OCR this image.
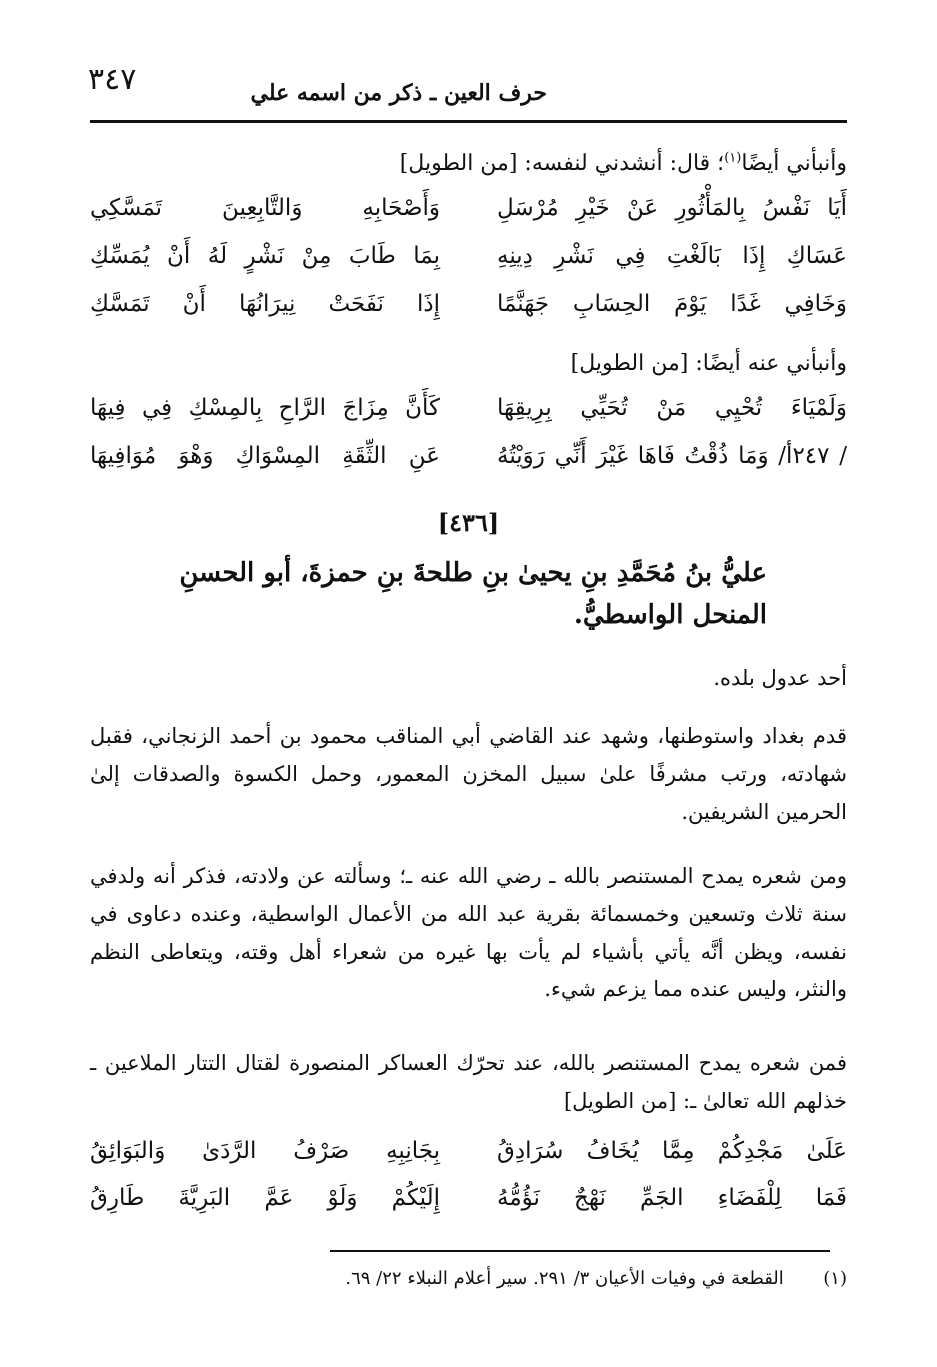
٣٤٧	حرف العين ـ ذكر من اسمه علي
وأنبأني أيضًا$^{(١)}$؛ قال: أنشدني لنفسه: [من الطويل]
أَيَا نَفْسُ بِالمَأْثُورِ عَنْ خَيْرِ مُرْسَلِ
وَأَصْحَابِهِ وَالتَّابِعِينَ تَمَسَّكِي
عَسَاكِ إِذَا بَالَغْتِ فِي نَشْرِ دِينِهِ
بِمَا طَابَ مِنْ نَشْرٍ لَهُ أَنْ يُمَسِّكِ
وَخَافِي غَدًا يَوْمَ الحِسَابِ جَهَنَّمًا
إِذَا نَفَحَتْ نِيرَانُهَا أَنْ تَمَسَّكِ
وأنبأني عنه أيضًا: [من الطويل]
وَلَمْيَاءَ تُحْيِي مَنْ تُحَيِّي بِرِيقِهَا
كَأَنَّ مِزَاجَ الرَّاحِ بِالمِسْكِ فِي فِيهَا
/ ٢٤٧أ/ وَمَا ذُقْتُ فَاهَا غَيْرَ أَنِّي رَوَيْتُهُ
عَنِ الثِّقَةِ المِسْوَاكِ وَهْوَ مُوَافِيهَا
[٤٣٦]
عليُّ بنُ مُحَمَّدِ بنِ يحيىٰ بنِ طلحةَ بنِ حمزةَ، أبو الحسنِ
المنحل الواسطيُّ.
أحد عدول بلده.
قدم بغداد واستوطنها، وشهد عند القاضي أبي المناقب محمود بن أحمد الزنجاني، فقبل شهادته، ورتب مشرفًا علىٰ سبيل المخزن المعمور، وحمل الكسوة والصدقات إلىٰ الحرمين الشريفين.
ومن شعره يمدح المستنصر بالله ـ رضي الله عنه ـ؛ وسألته عن ولادته، فذكر أنه ولدفي سنة ثلاث وتسعين وخمسمائة بقرية عبد الله من الأعمال الواسطية، وعنده دعاوى في نفسه، ويظن أنَّه يأتي بأشياء لم يأت بها غيره من شعراء أهل وقته، ويتعاطى النظم والنثر، وليس عنده مما يزعم شيء.
فمن شعره يمدح المستنصر بالله، عند تحرّك العساكر المنصورة لقتال التتار الملاعين ـ خذلهم الله تعالىٰ ـ: [من الطويل]
عَلَىٰ مَجْدِكُمْ مِمَّا يُخَافُ سُرَادِقُ
بِجَانِبِهِ صَرْفُ الرَّدَىٰ وَالبَوَائِقُ
فَمَا لِلْفَضَاءِ الجَمِّ نَهْجٌ نَؤُمُّهُ
إِلَيْكُمْ وَلَوْ عَمَّ البَرِيَّةَ طَارِقُ
(١)  القطعة في وفيات الأعيان ٣/ ٢٩١. سير أعلام النبلاء ٢٢/ ٦٩.
